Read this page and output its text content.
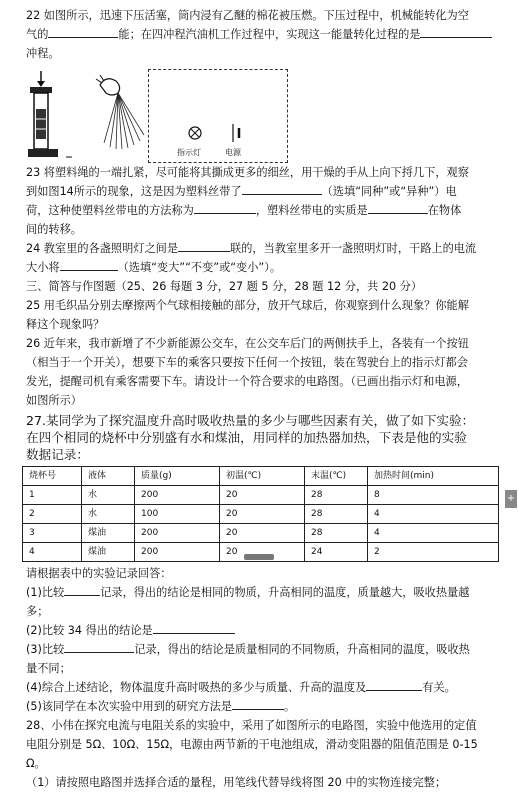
22 如图所示，迅速下压活塞，筒内浸有乙醚的棉花被压燃。下压过程中，机械能转化为空

气的	能；在四冲程汽油机工作过程中，实现这一能量转化过程的是

冲程。

指示灯	电源

23 将塑料绳的一端扎紧，尽可能将其撕成更多的细丝，用干燥的手从上向下捋几下，观察

到如图14所示的现象，这是因为塑料丝带了	（选填“同种”或“异种”）电

荷，这种使塑料丝带电的方法称为	，塑料丝带电的实质是	在物体

间的转移。

24 教室里的各盏照明灯之间是	联的，当教室里多开一盏照明灯时，干路上的电流

大小将	（选填“变大”“不变”或“变小”）。

三、简答与作图题（25、26 每题 3 分，27 题 5 分，28 题 12 分，共 20 分）

25 用毛织品分别去摩擦两个气球相接触的部分，放开气球后，你观察到什么现象？你能解

释这个现象吗？

26 近年来，我市新增了不少新能源公交车，在公交车后门的两侧扶手上，各装有一个按钮

（相当于一个开关），想要下车的乘客只要按下任何一个按钮，装在驾驶台上的指示灯都会

发光，提醒司机有乘客需要下车。请设计一个符合要求的电路图。（已画出指示灯和电源，

如图所示）

27.某同学为了探究温度升高时吸收热量的多少与哪些因素有关，做了如下实验：

在四个相同的烧杯中分别盛有水和煤油，用同样的加热器加热，下表是他的实验

数据记录：

烧杯号	液体	质量(g)	初温(℃)	末温(℃)	加热时间(min)
1	水	200	20	28	8
2	水	100	20	28	4
3	煤油	200	20	28	4
4	煤油	200	20	24	2

请根据表中的实验记录回答：

(1)比较	记录，得出的结论是相同的物质，升高相同的温度，质量越大，吸收热量越

多；

(2)比较 34 得出的结论是

(3)比较	记录，得出的结论是质量相同的不同物质，升高相同的温度，吸收热

量不同；

(4)综合上述结论，物体温度升高时吸热的多少与质量、升高的温度及	有关。

(5)该同学在本次实验中用到的研究方法是	。

28、小伟在探究电流与电阻关系的实验中，采用了如图所示的电路图，实验中他选用的定值

电阻分别是 5Ω、10Ω、15Ω，电源由两节新的干电池组成，滑动变阻器的阻值范围是 0-15

Ω。

（1）请按照电路图并选择合适的量程，用笔线代替导线将图 20 中的实物连接完整；

+
